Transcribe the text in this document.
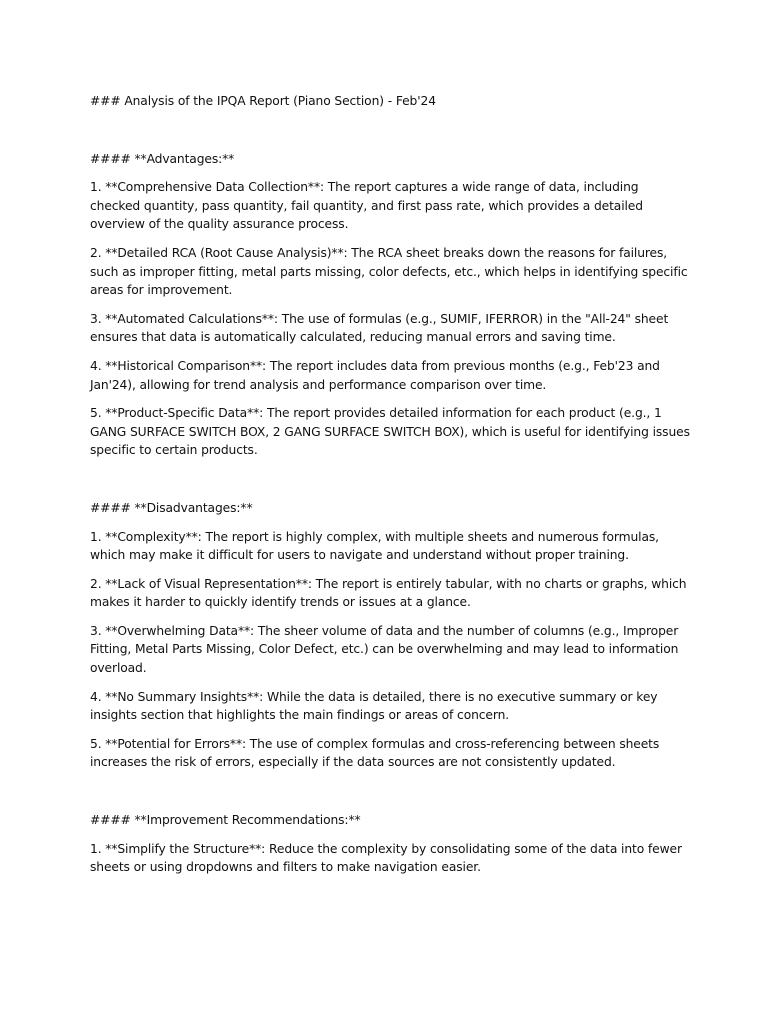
### Analysis of the IPQA Report (Piano Section) - Feb'24

#### **Advantages:**

1. **Comprehensive Data Collection**: The report captures a wide range of data, including checked quantity, pass quantity, fail quantity, and first pass rate, which provides a detailed overview of the quality assurance process.

2. **Detailed RCA (Root Cause Analysis)**: The RCA sheet breaks down the reasons for failures, such as improper fitting, metal parts missing, color defects, etc., which helps in identifying specific areas for improvement.

3. **Automated Calculations**: The use of formulas (e.g., SUMIF, IFERROR) in the "All-24" sheet ensures that data is automatically calculated, reducing manual errors and saving time.

4. **Historical Comparison**: The report includes data from previous months (e.g., Feb'23 and Jan'24), allowing for trend analysis and performance comparison over time.

5. **Product-Specific Data**: The report provides detailed information for each product (e.g., 1 GANG SURFACE SWITCH BOX, 2 GANG SURFACE SWITCH BOX), which is useful for identifying issues specific to certain products.

#### **Disadvantages:**

1. **Complexity**: The report is highly complex, with multiple sheets and numerous formulas, which may make it difficult for users to navigate and understand without proper training.

2. **Lack of Visual Representation**: The report is entirely tabular, with no charts or graphs, which makes it harder to quickly identify trends or issues at a glance.

3. **Overwhelming Data**: The sheer volume of data and the number of columns (e.g., Improper Fitting, Metal Parts Missing, Color Defect, etc.) can be overwhelming and may lead to information overload.

4. **No Summary Insights**: While the data is detailed, there is no executive summary or key insights section that highlights the main findings or areas of concern.

5. **Potential for Errors**: The use of complex formulas and cross-referencing between sheets increases the risk of errors, especially if the data sources are not consistently updated.

#### **Improvement Recommendations:**

1. **Simplify the Structure**: Reduce the complexity by consolidating some of the data into fewer sheets or using dropdowns and filters to make navigation easier.
